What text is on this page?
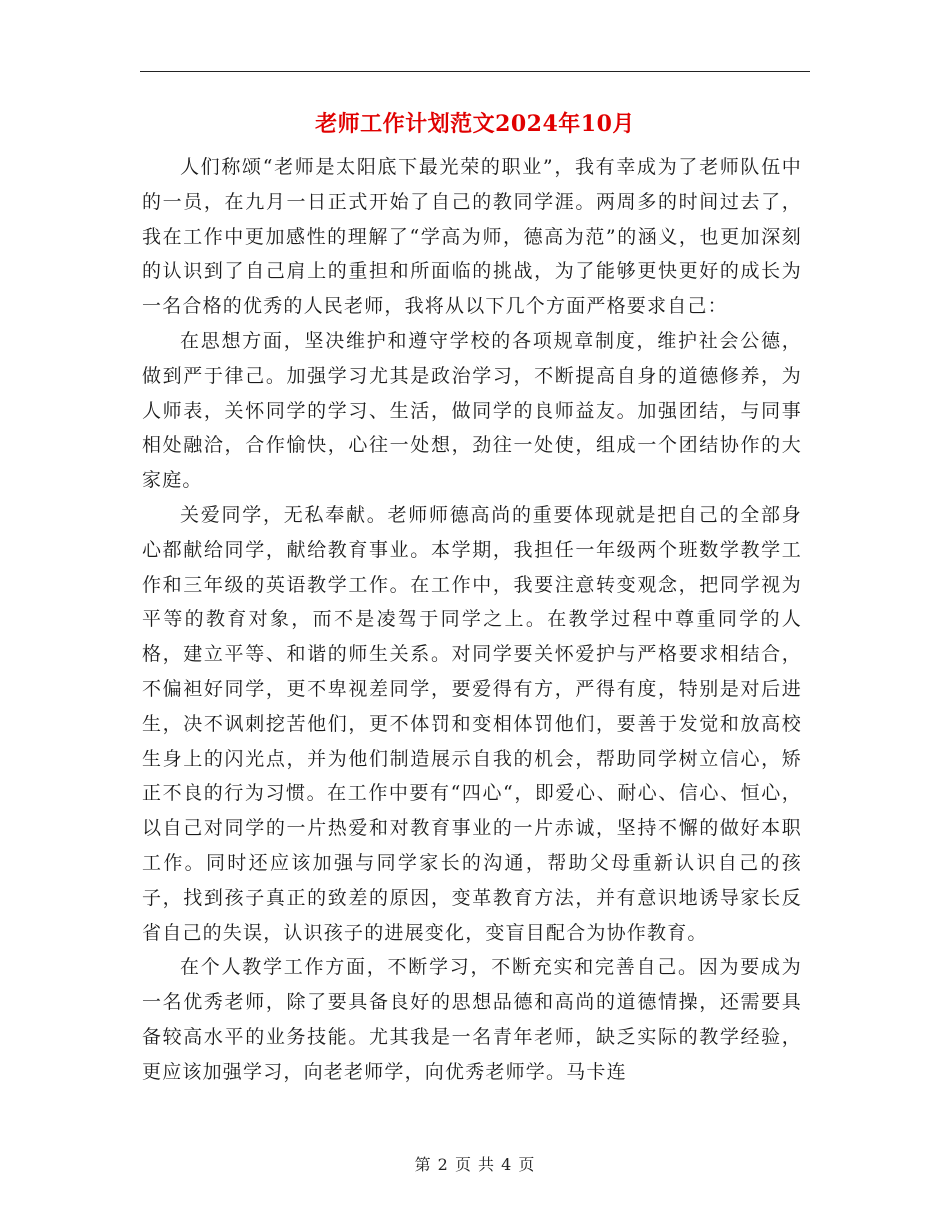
老师工作计划范文2024年10月

人们称颂“老师是太阳底下最光荣的职业”，我有幸成为了老师队伍中的一员，在九月一日正式开始了自己的教同学涯。两周多的时间过去了，我在工作中更加感性的理解了“学高为师，德高为范”的涵义，也更加深刻的认识到了自己肩上的重担和所面临的挑战，为了能够更快更好的成长为一名合格的优秀的人民老师，我将从以下几个方面严格要求自己：

在思想方面，坚决维护和遵守学校的各项规章制度，维护社会公德，做到严于律己。加强学习尤其是政治学习，不断提高自身的道德修养，为人师表，关怀同学的学习、生活，做同学的良师益友。加强团结，与同事相处融洽，合作愉快，心往一处想，劲往一处使，组成一个团结协作的大家庭。

关爱同学，无私奉献。老师师德高尚的重要体现就是把自己的全部身心都献给同学，献给教育事业。本学期，我担任一年级两个班数学教学工作和三年级的英语教学工作。在工作中，我要注意转变观念，把同学视为平等的教育对象，而不是凌驾于同学之上。在教学过程中尊重同学的人格，建立平等、和谐的师生关系。对同学要关怀爱护与严格要求相结合，不偏袒好同学，更不卑视差同学，要爱得有方，严得有度，特别是对后进生，决不讽刺挖苦他们，更不体罚和变相体罚他们，要善于发觉和放高校生身上的闪光点，并为他们制造展示自我的机会，帮助同学树立信心，矫正不良的行为习惯。在工作中要有“四心“，即爱心、耐心、信心、恒心，以自己对同学的一片热爱和对教育事业的一片赤诚，坚持不懈的做好本职工作。同时还应该加强与同学家长的沟通，帮助父母重新认识自己的孩子，找到孩子真正的致差的原因，变革教育方法，并有意识地诱导家长反省自己的失误，认识孩子的进展变化，变盲目配合为协作教育。

在个人教学工作方面，不断学习，不断充实和完善自己。因为要成为一名优秀老师，除了要具备良好的思想品德和高尚的道德情操，还需要具备较高水平的业务技能。尤其我是一名青年老师，缺乏实际的教学经验，更应该加强学习，向老老师学，向优秀老师学。马卡连

第 2 页 共 4 页
